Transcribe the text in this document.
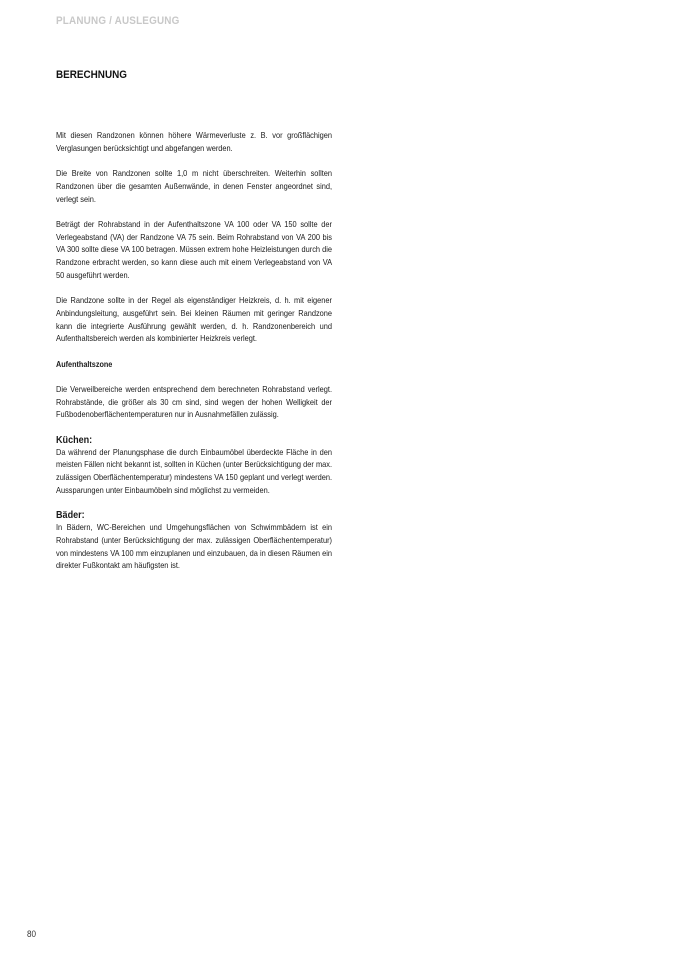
PLANUNG / AUSLEGUNG
BERECHNUNG

Mit diesen Randzonen können höhere Wärmeverluste z. B. vor großflächigen Verglasungen berücksichtigt und abgefangen werden.

Die Breite von Randzonen sollte 1,0 m nicht überschreiten. Weiterhin sollten Randzonen über die gesamten Außenwände, in denen Fenster angeordnet sind, verlegt sein.

Beträgt der Rohrabstand in der Aufenthaltszone VA 100 oder VA 150 sollte der Verlegeabstand (VA) der Randzone VA 75 sein. Beim Rohrabstand von VA 200 bis VA 300 sollte diese VA 100 betragen. Müssen extrem hohe Heizleistungen durch die Randzone erbracht werden, so kann diese auch mit einem Verlegeabstand von VA 50 ausgeführt werden.

Die Randzone sollte in der Regel als eigenständiger Heizkreis, d. h. mit eigener Anbindungsleitung, ausgeführt sein. Bei kleinen Räumen mit geringer Randzone kann die integrierte Ausführung gewählt werden, d. h. Randzonenbereich und Aufenthaltsbereich werden als kombinierter Heizkreis verlegt.

Aufenthaltszone

Die Verweilbereiche werden entsprechend dem berechneten Rohrabstand verlegt. Rohrabstände, die größer als 30 cm sind, sind wegen der hohen Welligkeit der Fußbodenoberflächentemperaturen nur in Ausnahmefällen zulässig.

Küchen:

Da während der Planungsphase die durch Einbaumöbel überdeckte Fläche in den meisten Fällen nicht bekannt ist, sollten in Küchen (unter Berücksichtigung der max. zulässigen Oberflächentemperatur) mindestens VA 150 geplant und verlegt werden. Aussparungen unter Einbaumöbeln sind möglichst zu vermeiden.

Bäder:

In Bädern, WC-Bereichen und Umgehungsflächen von Schwimmbädern ist ein Rohrabstand (unter Berücksichtigung der max. zulässigen Oberflächentemperatur) von mindestens VA 100 mm einzuplanen und einzubauen, da in diesen Räumen ein direkter Fußkontakt am häufigsten ist.

80
